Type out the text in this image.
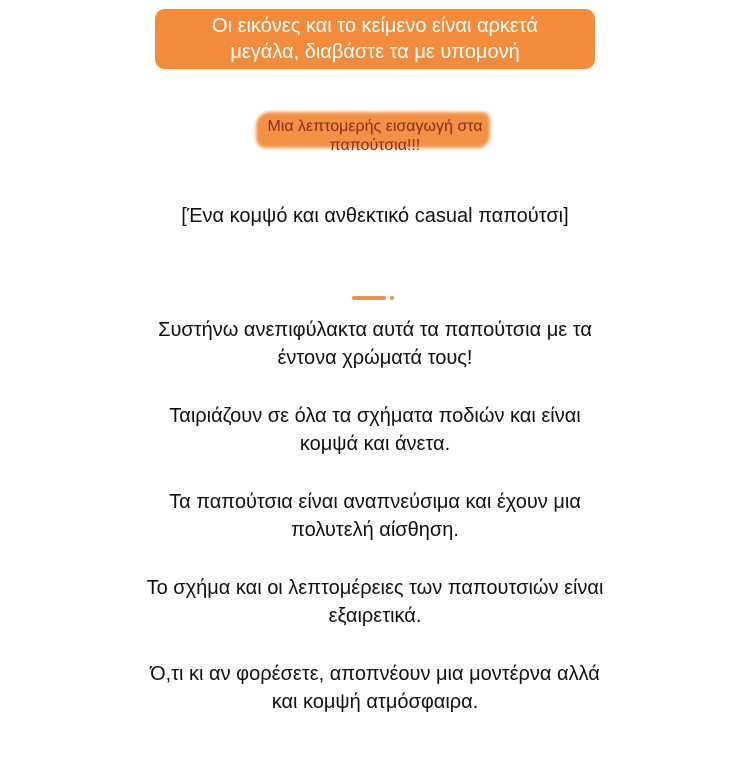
Οι εικόνες και το κείμενο είναι αρκετά
μεγάλα, διαβάστε τα με υπομονή
Μια λεπτομερής εισαγωγή στα
παπούτσια!!!
[Ένα κομψό και ανθεκτικό casual παπούτσι]

Συστήνω ανεπιφύλακτα αυτά τα παπούτσια με τα
έντονα χρώματά τους!

Ταιριάζουν σε όλα τα σχήματα ποδιών και είναι
κομψά και άνετα.

Τα παπούτσια είναι αναπνεύσιμα και έχουν μια
πολυτελή αίσθηση.

Το σχήμα και οι λεπτομέρειες των παπουτσιών είναι
εξαιρετικά.

Ό,τι κι αν φορέσετε, αποπνέουν μια μοντέρνα αλλά
και κομψή ατμόσφαιρα.
